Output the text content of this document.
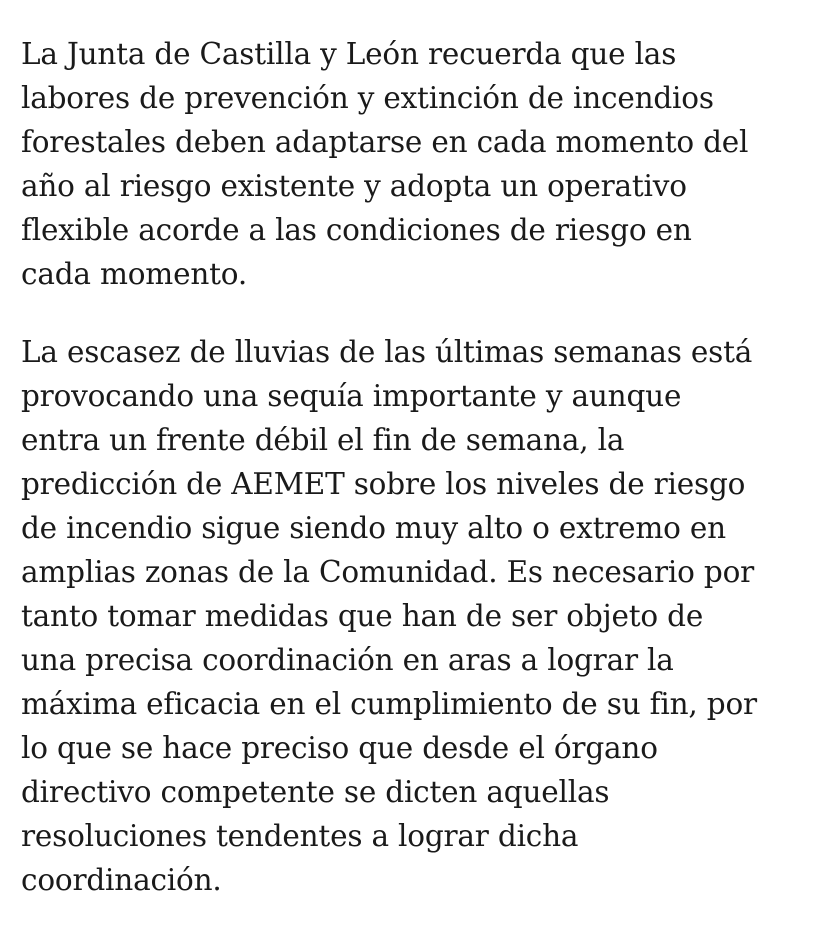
La Junta de Castilla y León recuerda que las
labores de prevención y extinción de incendios
forestales deben adaptarse en cada momento del
año al riesgo existente y adopta un operativo
flexible acorde a las condiciones de riesgo en
cada momento.

La escasez de lluvias de las últimas semanas está
provocando una sequía importante y aunque
entra un frente débil el fin de semana, la
predicción de AEMET sobre los niveles de riesgo
de incendio sigue siendo muy alto o extremo en
amplias zonas de la Comunidad. Es necesario por
tanto tomar medidas que han de ser objeto de
una precisa coordinación en aras a lograr la
máxima eficacia en el cumplimiento de su fin, por
lo que se hace preciso que desde el órgano
directivo competente se dicten aquellas
resoluciones tendentes a lograr dicha
coordinación.
